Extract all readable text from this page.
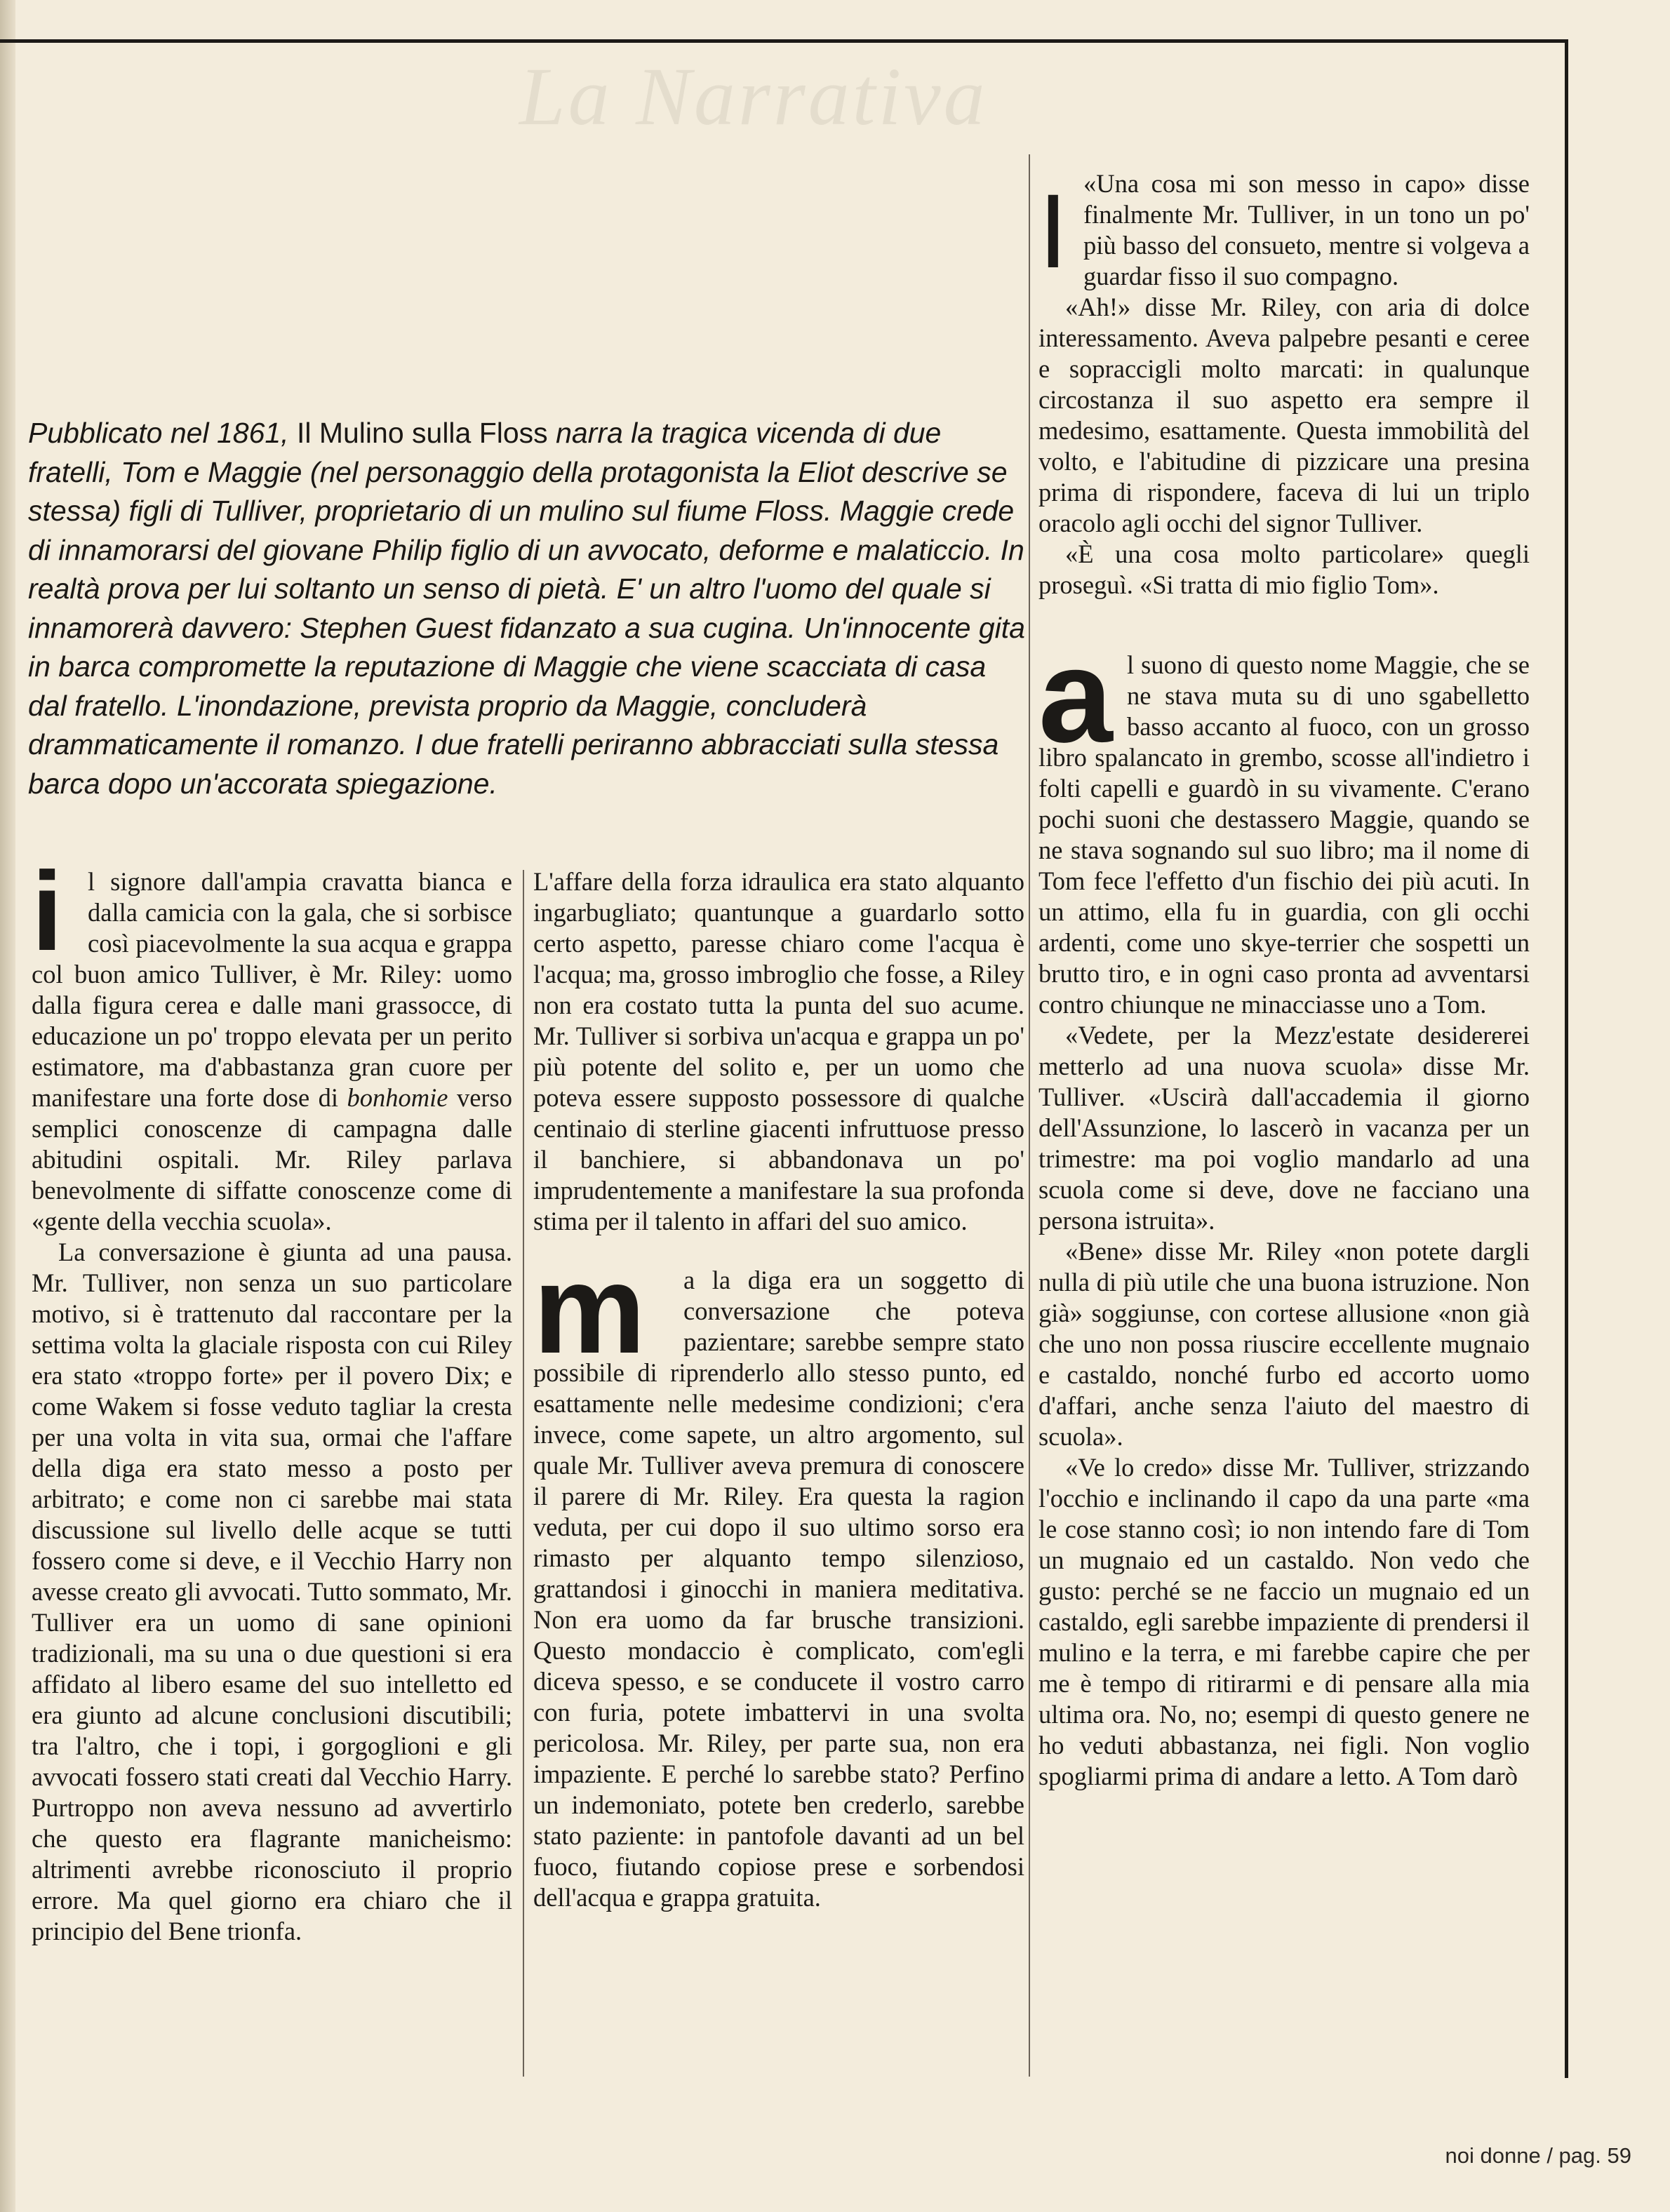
La Narrativa
Pubblicato nel 1861, Il Mulino sulla Floss narra la tragica vicenda di due fratelli, Tom e Maggie (nel personaggio della protagonista la Eliot descrive se stessa) figli di Tulliver, proprietario di un mulino sul fiume Floss. Maggie crede di innamorarsi del giovane Philip figlio di un avvocato, deforme e malaticcio. In realtà prova per lui soltanto un senso di pietà. E' un altro l'uomo del quale si innamorerà davvero: Stephen Guest fidanzato a sua cugina. Un'innocente gita in barca compromette la reputazione di Maggie che viene scacciata di casa dal fratello. L'inondazione, prevista proprio da Maggie, concluderà drammaticamente il romanzo. I due fratelli periranno abbracciati sulla stessa barca dopo un'accorata spiegazione.

il signore dall'ampia cravatta bianca e dalla camicia con la gala, che si sorbisce così piacevolmente la sua acqua e grappa col buon amico Tulliver, è Mr. Riley: uomo dalla figura cerea e dalle mani grassocce, di educazione un po' troppo elevata per un perito estimatore, ma d'abbastanza gran cuore per manifestare una forte dose di bonhomie verso semplici conoscenze di campagna dalle abitudini ospitali. Mr. Riley parlava benevolmente di siffatte conoscenze come di «gente della vecchia scuola».

La conversazione è giunta ad una pausa. Mr. Tulliver, non senza un suo particolare motivo, si è trattenuto dal raccontare per la settima volta la glaciale risposta con cui Riley era stato «troppo forte» per il povero Dix; e come Wakem si fosse veduto tagliar la cresta per una volta in vita sua, ormai che l'affare della diga era stato messo a posto per arbitrato; e come non ci sarebbe mai stata discussione sul livello delle acque se tutti fossero come si deve, e il Vecchio Harry non avesse creato gli avvocati. Tutto sommato, Mr. Tulliver era un uomo di sane opinioni tradizionali, ma su una o due questioni si era affidato al libero esame del suo intelletto ed era giunto ad alcune conclusioni discutibili; tra l'altro, che i topi, i gorgoglioni e gli avvocati fossero stati creati dal Vecchio Harry. Purtroppo non aveva nessuno ad avvertirlo che questo era flagrante manicheismo: altrimenti avrebbe riconosciuto il proprio errore. Ma quel giorno era chiaro che il principio del Bene trionfa.

L'affare della forza idraulica era stato alquanto ingarbugliato; quantunque a guardarlo sotto certo aspetto, paresse chiaro come l'acqua è l'acqua; ma, grosso imbroglio che fosse, a Riley non era costato tutta la punta del suo acume. Mr. Tulliver si sorbiva un'acqua e grappa un po' più potente del solito e, per un uomo che poteva essere supposto possessore di qualche centinaio di sterline giacenti infruttuose presso il banchiere, si abbandonava un po' imprudentemente a manifestare la sua profonda stima per il talento in affari del suo amico.

m	a la diga era un soggetto di conversazione che poteva pazientare; sarebbe sempre stato possibile di riprenderlo allo stesso punto, ed esattamente nelle medesime condizioni; c'era invece, come sapete, un altro argomento, sul quale Mr. Tulliver aveva premura di conoscere il parere di Mr. Riley. Era questa la ragion veduta, per cui dopo il suo ultimo sorso era rimasto per alquanto tempo silenzioso, grattandosi i ginocchi in maniera meditativa. Non era uomo da far brusche transizioni. Questo mondaccio è complicato, com'egli diceva spesso, e se conducete il vostro carro con furia, potete imbattervi in una svolta pericolosa. Mr. Riley, per parte sua, non era impaziente. E perché lo sarebbe stato? Perfino un indemoniato, potete ben crederlo, sarebbe stato paziente: in pantofole davanti ad un bel fuoco, fiutando copiose prese e sorbendosi dell'acqua e grappa gratuita.

I «Una cosa mi son messo in capo» disse finalmente Mr. Tulliver, in un tono un po' più basso del consueto, mentre si volgeva a guardar fisso il suo compagno.

«Ah!» disse Mr. Riley, con aria di dolce interessamento. Aveva palpebre pesanti e ceree e sopraccigli molto marcati: in qualunque circostanza il suo aspetto era sempre il medesimo, esattamente. Questa immobilità del volto, e l'abitudine di pizzicare una presina prima di rispondere, faceva di lui un triplo oracolo agli occhi del signor Tulliver.

«È una cosa molto particolare» quegli proseguì. «Si tratta di mio figlio Tom».

al suono di questo nome Maggie, che se ne stava muta su di uno sgabelletto basso accanto al fuoco, con un grosso libro spalancato in grembo, scosse all'indietro i folti capelli e guardò in su vivamente. C'erano pochi suoni che destassero Maggie, quando se ne stava sognando sul suo libro; ma il nome di Tom fece l'effetto d'un fischio dei più acuti. In un attimo, ella fu in guardia, con gli occhi ardenti, come uno skye-terrier che sospetti un brutto tiro, e in ogni caso pronta ad avventarsi contro chiunque ne minacciasse uno a Tom.

«Vedete, per la Mezz'estate desidererei metterlo ad una nuova scuola» disse Mr. Tulliver. «Uscirà dall'accademia il giorno dell'Assunzione, lo lascerò in vacanza per un trimestre: ma poi voglio mandarlo ad una scuola come si deve, dove ne facciano una persona istruita».

«Bene» disse Mr. Riley «non potete dargli nulla di più utile che una buona istruzione. Non già» soggiunse, con cortese allusione «non già che uno non possa riuscire eccellente mugnaio e castaldo, nonché furbo ed accorto uomo d'affari, anche senza l'aiuto del maestro di scuola».

«Ve lo credo» disse Mr. Tulliver, strizzando l'occhio e inclinando il capo da una parte «ma le cose stanno così; io non intendo fare di Tom un mugnaio ed un castaldo. Non vedo che gusto: perché se ne faccio un mugnaio ed un castaldo, egli sarebbe impaziente di prendersi il mulino e la terra, e mi farebbe capire che per me è tempo di ritirarmi e di pensare alla mia ultima ora. No, no; esempi di questo genere ne ho veduti abbastanza, nei figli. Non voglio spogliarmi prima di andare a letto. A Tom darò

noi donne / pag. 59
